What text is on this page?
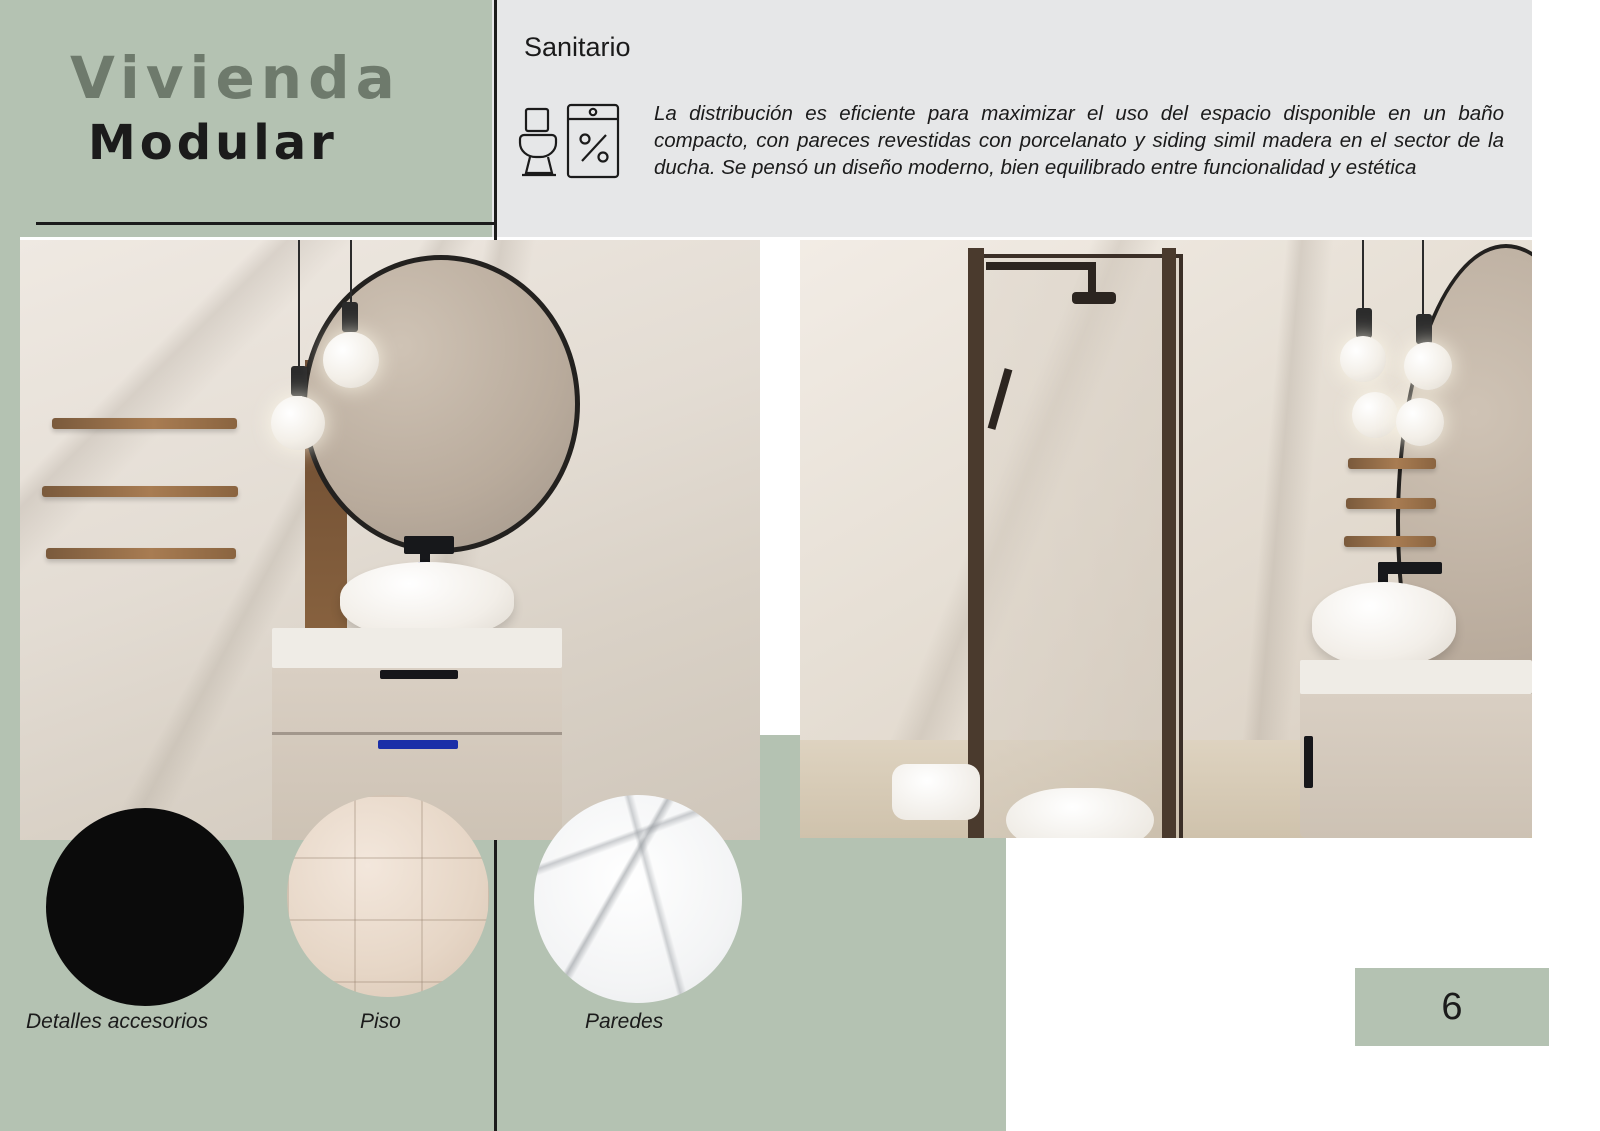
Vivienda
Modular
Sanitario
La distribución es eficiente para maximizar el uso del espacio disponible en un baño compacto, con pareces revestidas con porcelanato y siding simil madera en el sector de la ducha. Se pensó un diseño moderno, bien equilibrado entre funcionalidad y estética
Detalles accesorios	Piso	Paredes	6
